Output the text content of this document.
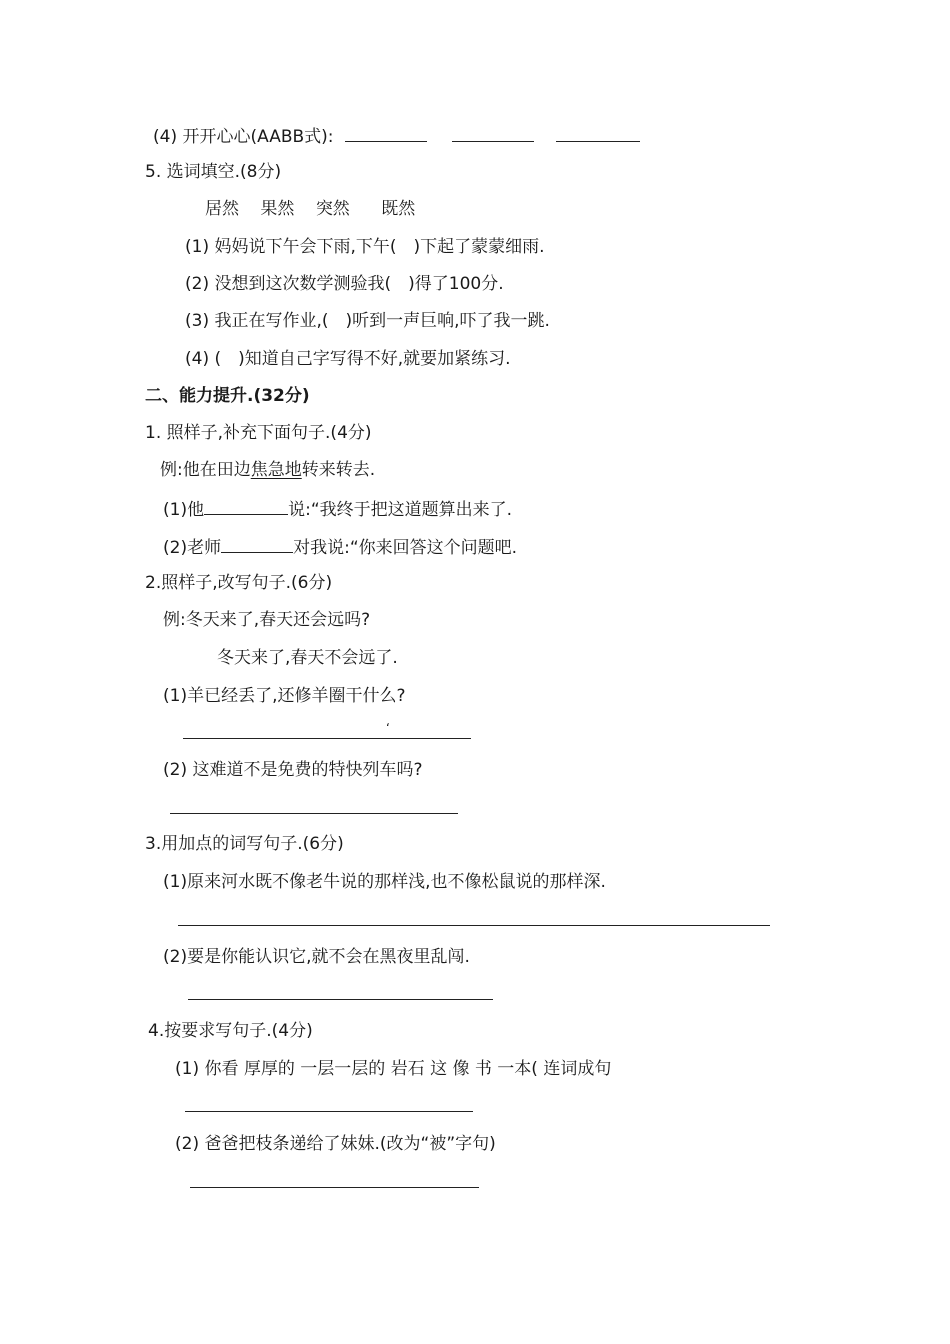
(4) 开开心心(AABB式):
5. 选词填空.(8分)
居然 果然 突然 既然
(1) 妈妈说下午会下雨,下午(　)下起了蒙蒙细雨.
(2) 没想到这次数学测验我(　)得了100分.
(3) 我正在写作业,(　)听到一声巨响,吓了我一跳.
(4) (　)知道自己字写得不好,就要加紧练习.
二、能力提升.(32分)
1. 照样子,补充下面句子.(4分)
例:他在田边焦急地转来转去.
(1)他	说:“我终于把这道题算出来了.
(2)老师	对我说:“你来回答这个问题吧.
2.照样子,改写句子.(6分)
例:冬天来了,春天还会远吗?
冬天来了,春天不会远了.
(1)羊已经丢了,还修羊圈干什么?
‘
(2) 这难道不是免费的特快列车吗?
3.用加点的词写句子.(6分)
(1)原来河水既不像老牛说的那样浅,也不像松鼠说的那样深.
(2)要是你能认识它,就不会在黑夜里乱闯.
4.按要求写句子.(4分)
(1) 你看 厚厚的 一层一层的 岩石 这 像 书 一本( 连词成句
(2) 爸爸把枝条递给了妹妹.(改为“被”字句)
